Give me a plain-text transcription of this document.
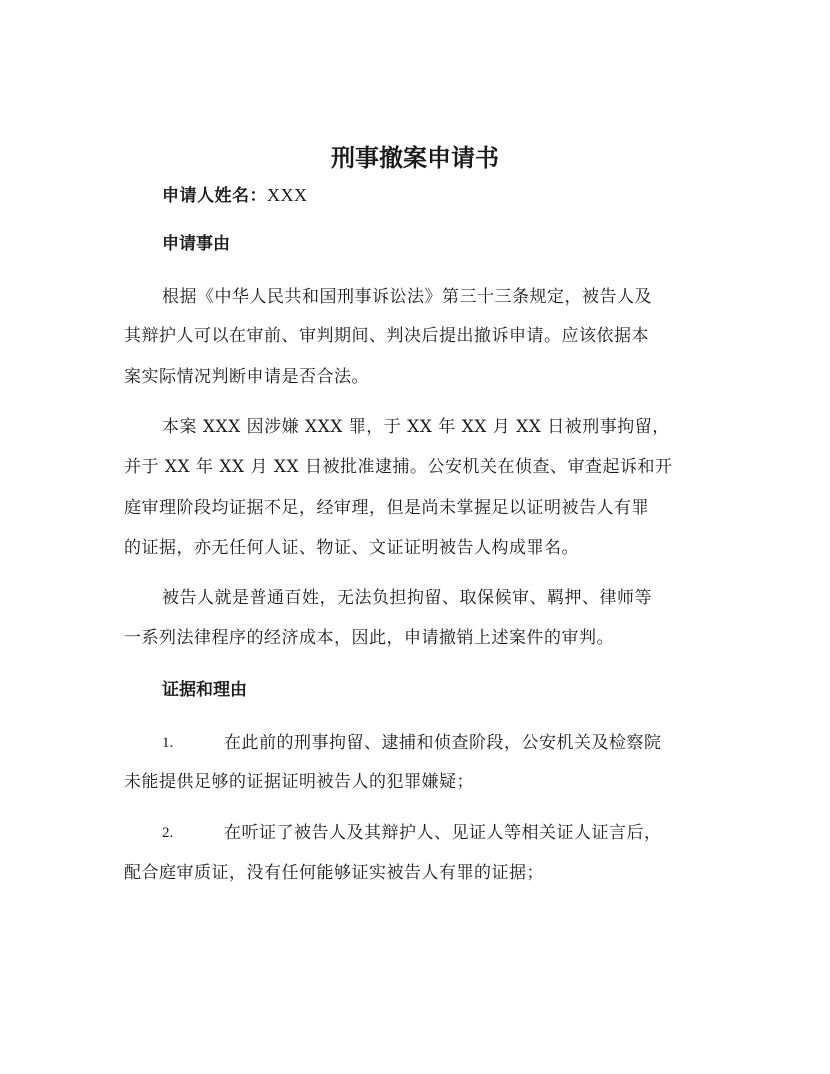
刑事撤案申请书
申请人姓名：XXX
申请事由
根据《中华人民共和国刑事诉讼法》第三十三条规定，被告人及
其辩护人可以在审前、审判期间、判决后提出撤诉申请。应该依据本
案实际情况判断申请是否合法。
本案 XXX 因涉嫌 XXX 罪，于 XX 年 XX 月 XX 日被刑事拘留，
并于 XX 年 XX 月 XX 日被批准逮捕。公安机关在侦查、审查起诉和开
庭审理阶段均证据不足，经审理，但是尚未掌握足以证明被告人有罪
的证据，亦无任何人证、物证、文证证明被告人构成罪名。
被告人就是普通百姓，无法负担拘留、取保候审、羁押、律师等
一系列法律程序的经济成本，因此，申请撤销上述案件的审判。
证据和理由
1.	在此前的刑事拘留、逮捕和侦查阶段，公安机关及检察院
未能提供足够的证据证明被告人的犯罪嫌疑；
2.	在听证了被告人及其辩护人、见证人等相关证人证言后，
配合庭审质证，没有任何能够证实被告人有罪的证据；
